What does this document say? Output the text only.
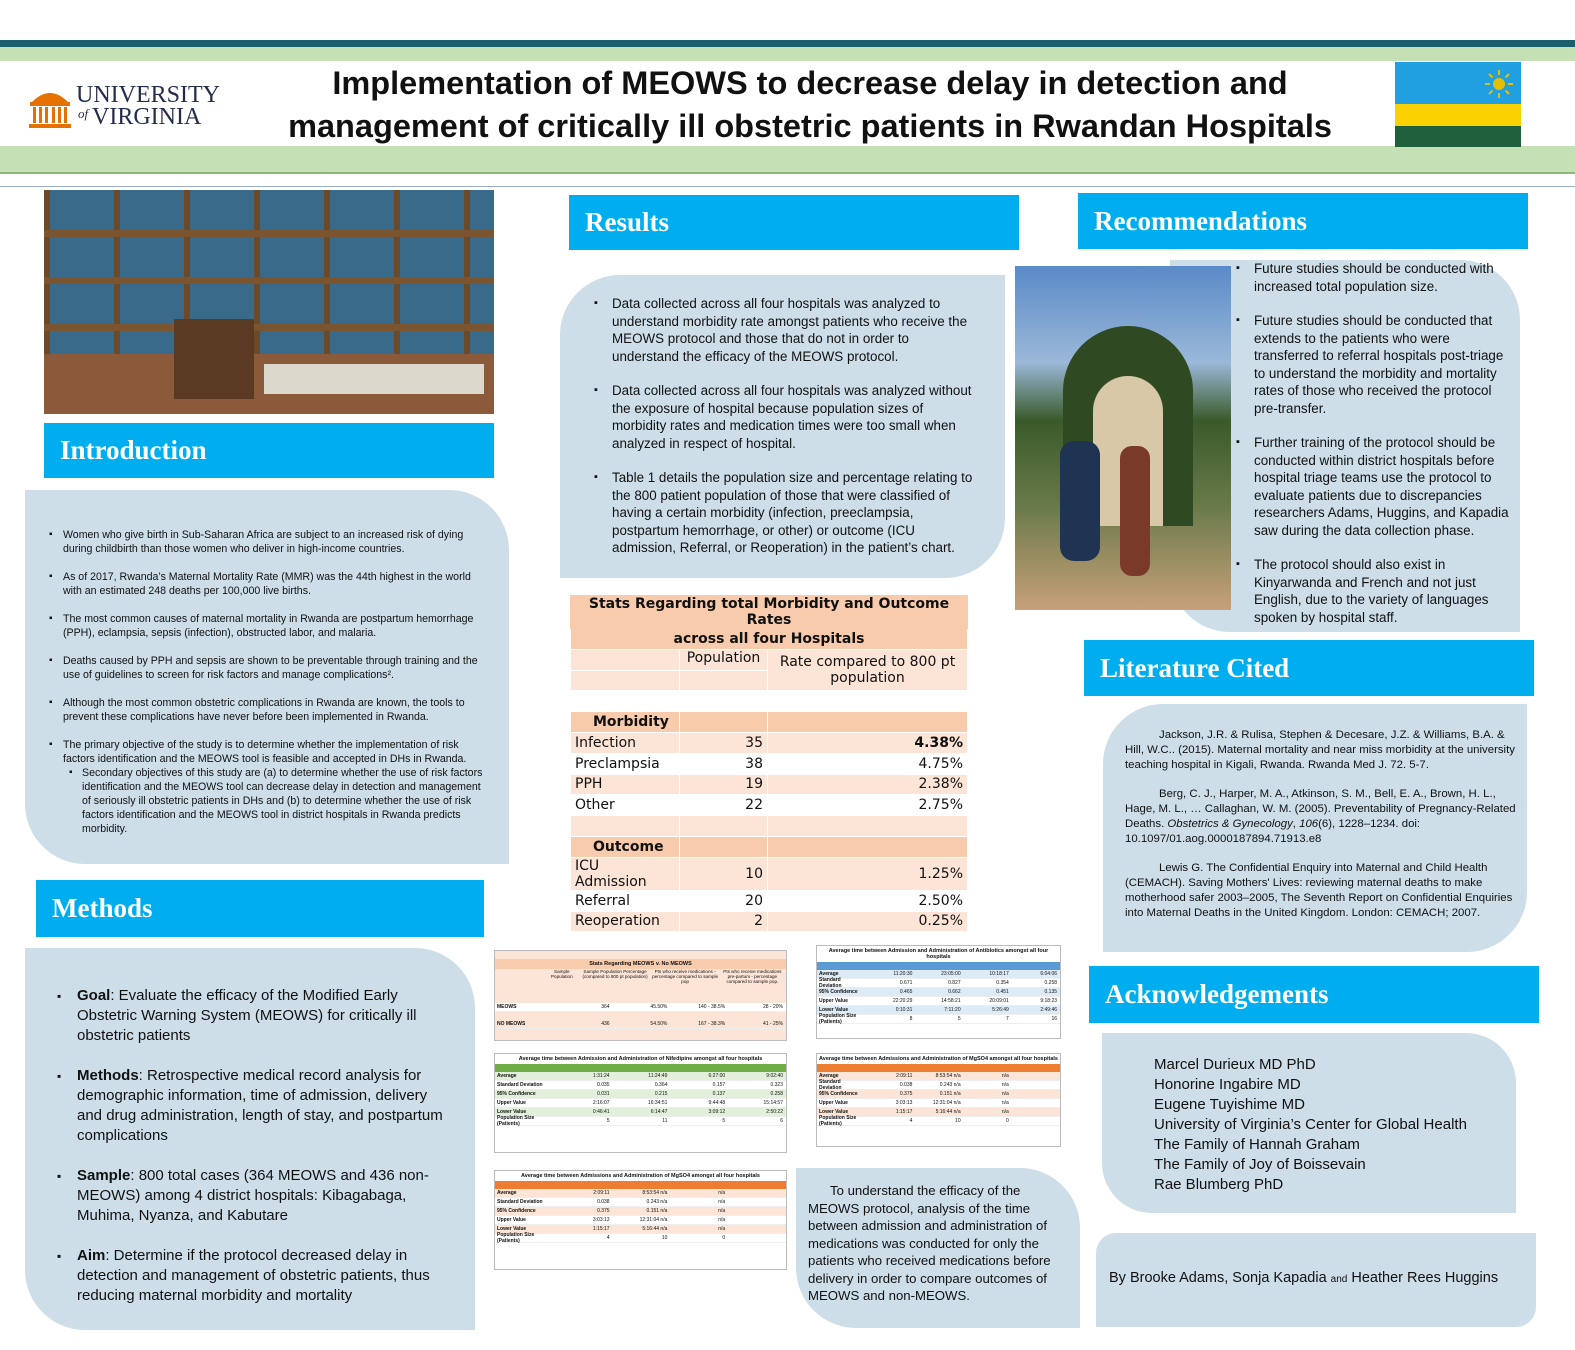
UNIVERSITY
of VIRGINIA
Implementation of MEOWS to decrease delay in detection and
management of critically ill obstetric patients in Rwandan Hospitals
Introduction
▪ Women who give birth in Sub-Saharan Africa are subject to an increased risk of dying during childbirth than those women who deliver in high-income countries.
▪ As of 2017, Rwanda’s Maternal Mortality Rate (MMR) was the 44th highest in the world with an estimated 248 deaths per 100,000 live births.
▪ The most common causes of maternal mortality in Rwanda are postpartum hemorrhage (PPH), eclampsia, sepsis (infection), obstructed labor, and malaria.
▪ Deaths caused by PPH and sepsis are shown to be preventable through training and the use of guidelines to screen for risk factors and manage complications².
▪ Although the most common obstetric complications in Rwanda are known, the tools to prevent these complications have never before been implemented in Rwanda.
▪ The primary objective of the study is to determine whether the implementation of risk factors identification and the MEOWS tool is feasible and accepted in DHs in Rwanda.
▪ Secondary objectives of this study are (a) to determine whether the use of risk factors identification and the MEOWS tool can decrease delay in detection and management of seriously ill obstetric patients in DHs and (b) to determine whether the use of risk factors identification and the MEOWS tool in district hospitals in Rwanda predicts morbidity.
Methods
▪ Goal: Evaluate the efficacy of the Modified Early Obstetric Warning System (MEOWS) for critically ill obstetric patients
▪ Methods: Retrospective medical record analysis for demographic information, time of admission, delivery and drug administration, length of stay, and postpartum complications
▪ Sample: 800 total cases (364 MEOWS and 436 non-MEOWS) among 4 district hospitals: Kibagabaga, Muhima, Nyanza, and Kabutare
▪ Aim: Determine if the protocol decreased delay in detection and management of obstetric patients, thus reducing maternal morbidity and mortality
Results
▪ Data collected across all four hospitals was analyzed to understand morbidity rate amongst patients who receive the MEOWS protocol and those that do not in order to understand the efficacy of the MEOWS protocol.
▪ Data collected across all four hospitals was analyzed without the exposure of hospital because population sizes of morbidity rates and medication times were too small when analyzed in respect of hospital.
▪ Table 1 details the population size and percentage relating to the 800 patient population of those that were classified of having a certain morbidity (infection, preeclampsia, postpartum hemorrhage, or other) or outcome (ICU admission, Referral, or Reoperation) in the patient’s chart.
Stats Regarding total Morbidity and Outcome Rates		
across all four Hospitals		
	Population	Rate compared to 800 pt
population

Morbidity		
Infection	35	4.38%
Preclampsia	38	4.75%
PPH	19	2.38%
Other	22	2.75%

Outcome		
ICU Admission	10	1.25%
Referral	20	2.50%
Reoperation	2	0.25%
Stats Regarding MEOWS v. No MEOWS
Sample Population
Sample Population Percentage (compared to 800 pt population)
Pts who receive medications - percentage compared to sample pop
Pts who receive medications pre-partum - percentage compared to sample pop.
MEOWS	364	45.50%	140 - 38.5%	28 - 20%
NO MEOWS	436	54.50%	167 - 38.3%	41 - 25%
Average time between Admission and Administration of Nifedipine amongst all four hospitals
Average	1:31:24	11:24:49	6:27:00	9:02:40
Standard Deviation	0.035	0.364	0.157	0.323
95% Confidence	0.031	0.215	0.137	0.258
Upper Value	2:16:07	16:34:51	9:44:48	15:14:57
Lower Value	0:46:41	6:14:47	3:09:12	2:50:22
Population Size (Patients)	5	11	5	6
Average time between Admissions and Administration of MgSO4 amongst all four hospitals
Average	2:09:11	8:53:54 n/a	n/a
Standard Deviation	0.038	0.243 n/a	n/a
95% Confidence	0.375	0.151 n/a	n/a
Upper Value	3:03:13	12:31:04 n/a	n/a
Lower Value	1:15:17	5:16:44 n/a	n/a
Population Size (Patients)	4	10	0
Average time between Admission and Administration of Antibiotics amongst all four hospitals
Average	11:20:30	23:05:00	10:18:17	6:04:06
Standard Deviation	0.671	0.827	0.354	0.258
95% Confidence	0.465	0.662	0.451	0.135
Upper Value	22:20:29	14:58:21	20:09:01	9:18:23
Lower Value	0:10:31	7:11:20	5:26:49	2:49:46
Population Size (Patients)	8	5	7	16
Average time between Admissions and Administration of MgSO4 amongst all four hospitals
Average	2:09:11	8:53:54 n/a	n/a
Standard Deviation	0.038	0.243 n/a	n/a
95% Confidence	0.375	0.151 n/a	n/a
Upper Value	3:03:13	12:31:04 n/a	n/a
Lower Value	1:15:17	5:16:44 n/a	n/a
Population Size (Patients)	4	10	0

To understand the efficacy of the MEOWS protocol, analysis of the time between admission and administration of medications was conducted for only the patients who received medications before delivery in order to compare outcomes of MEOWS and non-MEOWS.

Recommendations
▪ Future studies should be conducted with increased total population size.
▪ Future studies should be conducted that extends to the patients who were transferred to referral hospitals post-triage to understand the morbidity and mortality rates of those who received the protocol pre-transfer.
▪ Further training of the protocol should be conducted within district hospitals before hospital triage teams use the protocol to evaluate patients due to discrepancies researchers Adams, Huggins, and Kapadia saw during the data collection phase.
▪ The protocol should also exist in Kinyarwanda and French and not just English, due to the variety of languages spoken by hospital staff.
Literature Cited

Jackson, J.R. & Rulisa, Stephen & Decesare, J.Z. & Williams, B.A. & Hill, W.C.. (2015). Maternal mortality and near miss morbidity at the university teaching hospital in Kigali, Rwanda. Rwanda Med J. 72. 5-7.

Berg, C. J., Harper, M. A., Atkinson, S. M., Bell, E. A., Brown, H. L., Hage, M. L., … Callaghan, W. M. (2005). Preventability of Pregnancy-Related Deaths. Obstetrics & Gynecology, 106(6), 1228–1234. doi: 10.1097/01.aog.0000187894.71913.e8

Lewis G. The Confidential Enquiry into Maternal and Child Health (CEMACH). Saving Mothers' Lives: reviewing maternal deaths to make motherhood safer 2003–2005, The Seventh Report on Confidential Enquiries into Maternal Deaths in the United Kingdom. London: CEMACH; 2007.

Acknowledgements
Marcel Durieux MD PhD
Honorine Ingabire MD
Eugene Tuyishime MD
University of Virginia’s Center for Global Health
The Family of Hannah Graham
The Family of Joy of Boissevain
Rae Blumberg PhD
By Brooke Adams, Sonja Kapadia and Heather Rees Huggins
